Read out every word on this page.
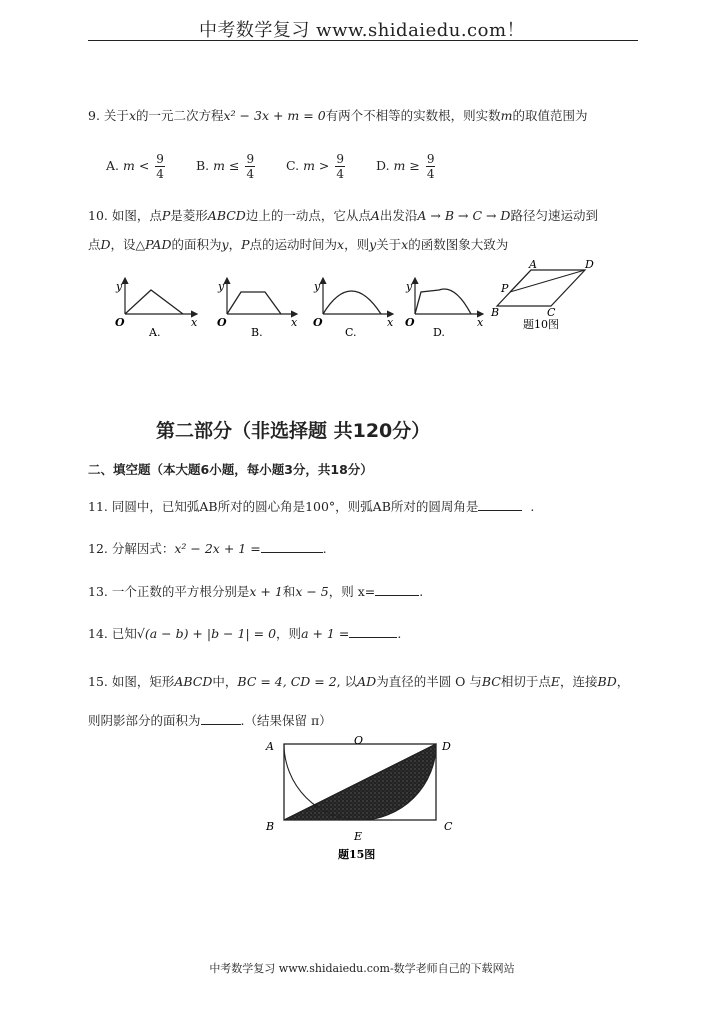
中考数学复习 www.shidaiedu.com！
9. 关于x的一元二次方程x² − 3x + m = 0有两个不相等的实数根，则实数m的取值范围为
A. $m < \frac{9}{4} B$. $m \le \frac{9}{4} C$. $m > \frac{9}{4} D$. $m \ge \frac{9}{4}$
10. 如图，点P是菱形ABCD边上的一动点，它从点A出发沿A → B → C → D路径匀速运动到
点D，设△PAD的面积为y，P点的运动时间为x，则y关于x的函数图象大致为
y
x
O
A.
y
x
O
B.
y
x
O
C.
y
x
O
D.
A	D
P
B	C
题10图
第二部分（非选择题 共120分）
二、填空题（本大题6小题，每小题3分，共18分）
11. 同圆中，已知弧AB所对的圆心角是100°，则弧AB所对的圆周角是	.
12. 分解因式：x² − 2x + 1 =	.
13. 一个正数的平方根分别是x + 1和x − 5，则 x=	.
14. 已知√(a − b) + |b − 1| = 0，则a + 1 =	.
15. 如图，矩形ABCD中，BC = 4, CD = 2, 以AD为直径的半圆 O 与BC相切于点E，连接BD，
则阴影部分的面积为	.（结果保留 π）
A	O	D
B
E
C
题15图
中考数学复习 www.shidaiedu.com-数学老师自己的下载网站
